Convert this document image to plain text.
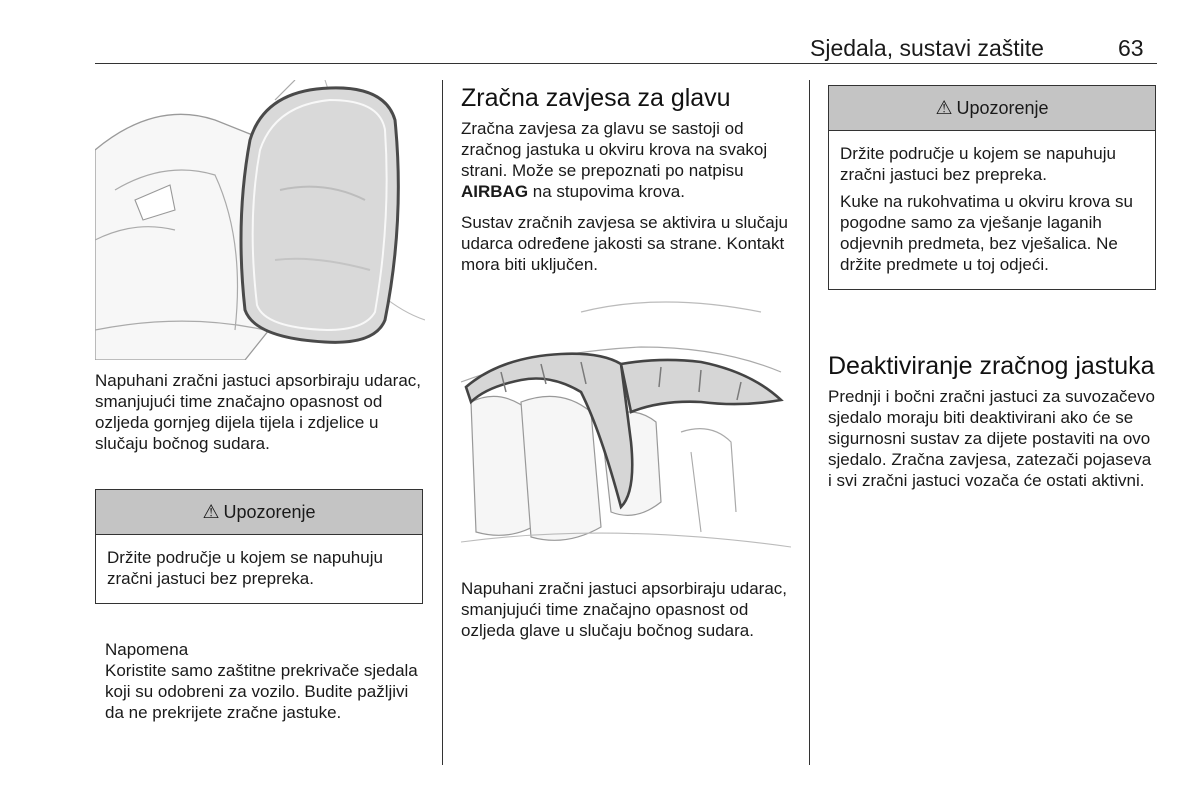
Sjedala, sustavi zaštite	63

Napuhani zračni jastuci apsorbiraju udarac, smanjujući time značajno opasnost od ozljeda gornjeg dijela tijela i zdjelice u slučaju bočnog sudara.

⚠ Upozorenje

Držite područje u kojem se napuhuju zračni jastuci bez prepreka.

Napomena

Koristite samo zaštitne prekrivače sjedala koji su odobreni za vozilo. Budite pažljivi da ne prekrijete zračne jastuke.

Zračna zavjesa za glavu

Zračna zavjesa za glavu se sastoji od zračnog jastuka u okviru krova na svakoj strani. Može se prepoznati po natpisu AIRBAG na stupovima krova.

Sustav zračnih zavjesa se aktivira u slučaju udarca određene jakosti sa strane. Kontakt mora biti uključen.

Napuhani zračni jastuci apsorbiraju udarac, smanjujući time značajno opasnost od ozljeda glave u slučaju bočnog sudara.

⚠ Upozorenje

Držite područje u kojem se napuhuju zračni jastuci bez prepreka.

Kuke na rukohvatima u okviru krova su pogodne samo za vješanje laganih odjevnih predmeta, bez vješalica. Ne držite predmete u toj odjeći.

Deaktiviranje zračnog jastuka

Prednji i bočni zračni jastuci za suvozačevo sjedalo moraju biti deaktivirani ako će se sigurnosni sustav za dijete postaviti na ovo sjedalo. Zračna zavjesa, zatezači pojaseva i svi zračni jastuci vozača će ostati aktivni.
